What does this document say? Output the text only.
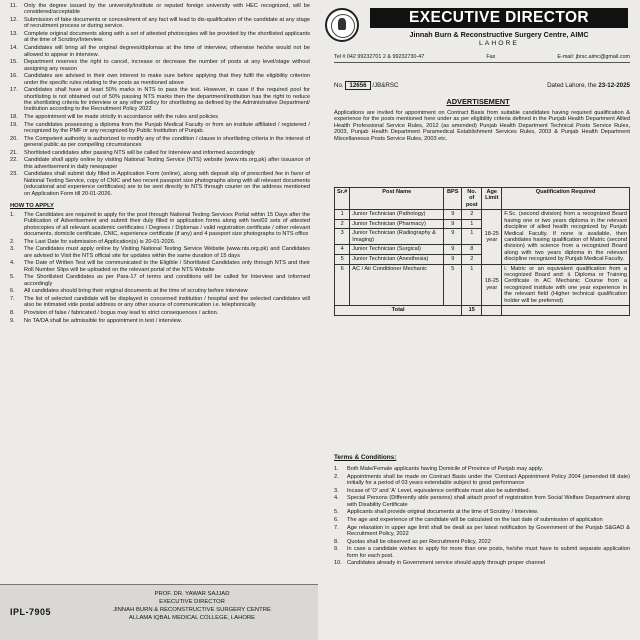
11.	Only the degree issued by the university/institute or reputed foreign university with HEC recognized, will be considered/acceptable
12.	Submission of fake documents or concealment of any fact will lead to dis-qualification of the candidate at any stage of recruitment process or during service.
13.	Complete original documents along with a set of attested photocopies will be provided by the shortlisted applicants at the time of Scrutiny/Interview.
14.	Candidates will bring all the original degrees/diplomas at the time of interview, otherwise he/she would not be allowed to appear in interview.
15.	Department reserves the right to cancel, increase or decrease the number of posts at any level/stage without assigning any reason
16.	Candidates are advised in their own interest to make sure before applying that they fulfil the eligibility criterion under the specific rules relating to the posts as mentioned above
17.	Candidates shall have at least 50% marks in NTS to pass the test. However, in case if the required pool for shortlisting is not obtained out of 50% passing NTS marks then the department/institution has the right to reduce the shortlisting criteria for interview or any other policy for shortlisting as defined by the Administrative Department/ Institution according to the Recruitment Policy 2022
18.	The appointment will be made strictly in accordance with the rules and policies
19.	The candidates possessing a diploma from the Punjab Medical Faculty or from an institute affiliated / registered / recognized by the PMF or any recognized by Public Institution of Punjab.
20.	The Competent authority is authorized to modify any of the condition / clause in shortlisting criteria in the interest of general public as per compelling circumstances
21.	Shortlisted candidates after passing NTS will be called for Interview and informed accordingly
22.	Candidate shall apply online by visiting National Testing Service (NTS) website (www.nts.org.pk) after issuance of this advertisement in daily newspaper
23.	Candidates shall submit duly filled in Application Form (online), along with deposit slip of prescribed fee in favor of National Testing Service, copy of CNIC and two recent passport size photographs along with all relevant documents (educational and experience certificates) are to be sent directly to NTS through courier on the address mentioned on Application Form till 20-01-2026.
HOW TO APPLY
1.	The Candidates are required to apply for the post through National Testing Services Portal within 15 Days after the Publication of Advertisement and submit their duly filled in application forms along with two/02 sets of attested photocopies of all relevant academic certificates / Degrees / Diplomas / valid registration certificate / other relevant documents, domicile certificate, CNIC, experience certificate (if any) and 4 passport size photographs to NTS office
2.	The Last Date for submission of Application(s) is 20-01-2026.
3.	The Candidates must apply online by Visiting National Testing Service Website (www.nts.org.pk) and Candidates are advised to Visit the NTS official site for updates within the same duration of 15 days
4.	The Date of Written Test will be communicated to the Eligible / Shortlisted Candidates only through NTS and their Roll Number Slips will be uploaded on the relevant portal of the NTS Website
5.	The Shortlisted Candidates as per Para-17 of terms and conditions will be called for Interview and informed accordingly
6.	All candidates should bring their original documents at the time of scrutiny before interview
7.	The list of selected candidate will be displayed in concerned institution / hospital and the selected candidates will also be intimated vide postal address or any other source of communication i.e. telephonically
8.	Provision of false / fabricated / bogus may lead to strict consequences / action.
9.	No TA/DA shall be admissible for appointment in test / interview.
IPL-7905
PROF. DR. YAWAR SAJJAD
EXECUTIVE DIRECTOR
JINNAH BURN & RECONSTRUCTIVE SURGERY CENTRE
ALLAMA IQBAL MEDICAL COLLEGE, LAHORE
EXECUTIVE DIRECTOR
Jinnah Burn & Reconstructive Surgery Centre, AIMC
LAHORE
Tel # 042 99232701 2 & 99232730-47	Fax	E-mail: jbrsc.aimc@gmail.com
No. 12656 /JB&RSC	Dated Lahore, the 23-12-2025
ADVERTISEMENT
Applications are invited for appointment on Contract Basis from suitable candidates having required qualification & experience for the posts mentioned here under as per eligibility criteria defined in the Punjab Health Department Allied Health Professional Service Rules, 2012 (as amended) Punjab Health Department Technical Posts Service Rules, 2003, Punjab Health Department Paramedical Establishment Services Rules, 2003 & Punjab Health Department Miscellaneous Posts Service Rules, 2003 etc.
Sr.#	Post Name	BPS	No. of post	Age Limit	Qualification Required
1	Junior Technician (Pathology)	9	2	18-25 year	F.Sc. (second division) from a recognized Board having one or two years diploma in the relevant discipline of allied health recognized by Punjab Medical Faculty. If none is available, then candidates having qualification of Matric (second division) with science from a recognized Board along with two years diploma in the relevant discipline recognized by Punjab Medical Faculty.
2	Junior Technician (Pharmacy)	9	1		
3	Junior Technician (Radiography & Imaging)	9	1		
4	Junior Technician (Surgical)	9	8		
5	Junior Technician (Anesthesia)	9	2		
6	AC / Air Conditioner Mechanic	5	1	18-25 year	i. Matric or an equivalent qualification from a recognized Board and: ii. Diploma or Training Certificate in AC Mechanic Course from a recognized institute with one year experience in the relevant field (Higher technical qualification holder will be preferred)
Total			15		
Terms & Conditions:
1.	Both Male/Female applicants having Domicile of Province of Punjab may apply.
2.	Appointments shall be made on Contract Basis under the 'Contract Appointment Policy 2004 (amended till date) initially for a period of 03 years extendable subject to good performance
3.	Incase of 'O' and 'A' Level, equivalence certificate must also be submitted.
4.	Special Persons (Differently able persons) shall attach proof of registration from Social Welfare Department along with Disability Certificate
5.	Applicants shall provide original documents at the time of Scrutiny / Interview.
6.	The age and experience of the candidate will be calculated on the last date of submission of application
7.	Age relaxation in upper age limit shall be dealt as per latest notification by Government of the Punjab S&GAD & Recruitment Policy, 2022
8.	Quotas shall be observed as per Recruitment Policy, 2022
9.	In case a candidate wishes to apply for more than one posts, he/she must have to submit separate application form for each post.
10. Candidates already in Government service should apply through proper channel
